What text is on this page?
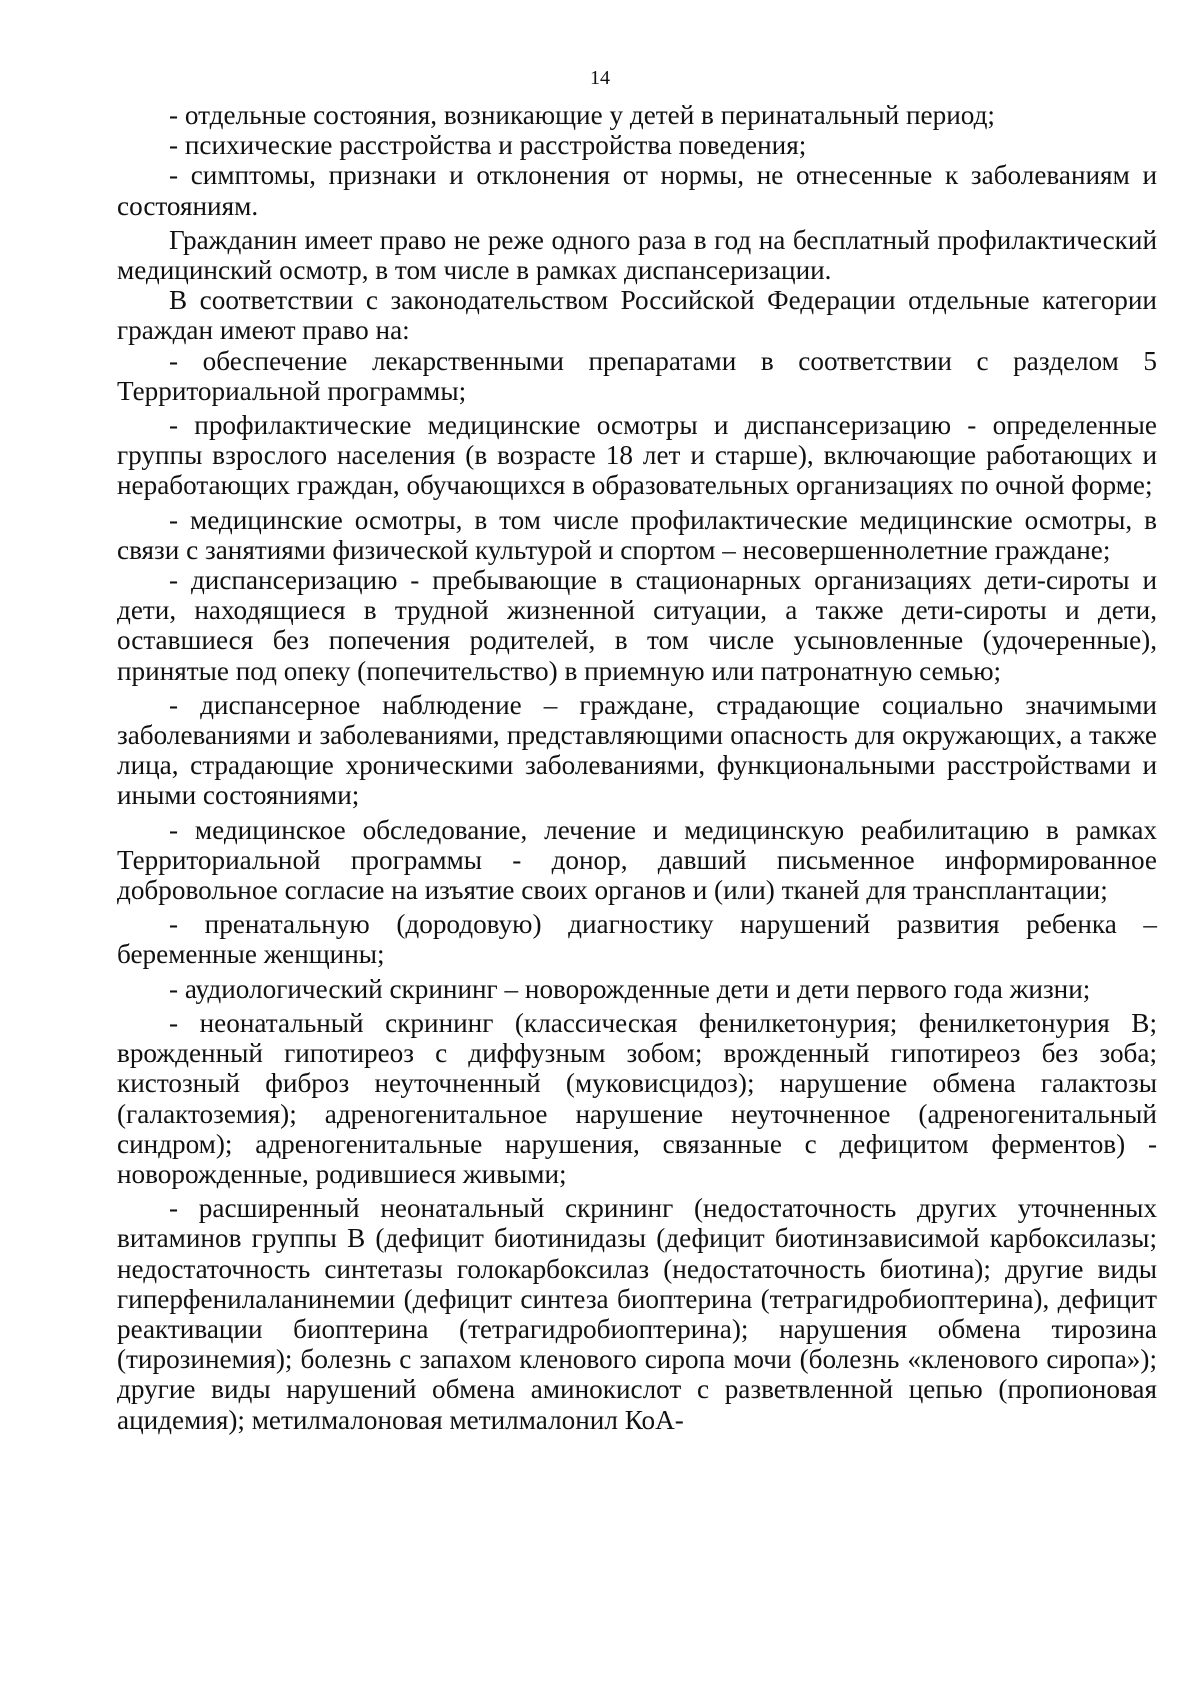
14

- отдельные состояния, возникающие у детей в перинатальный период;

- психические расстройства и расстройства поведения;

- симптомы, признаки и отклонения от нормы, не отнесенные к заболеваниям и состояниям.

Гражданин имеет право не реже одного раза в год на бесплатный профилактический медицинский осмотр, в том числе в рамках диспансеризации.

В соответствии с законодательством Российской Федерации отдельные категории граждан имеют право на:

- обеспечение лекарственными препаратами в соответствии с разделом 5 Территориальной программы;

- профилактические медицинские осмотры и диспансеризацию - определенные группы взрослого населения (в возрасте 18 лет и старше), включающие работающих и неработающих граждан, обучающихся в образовательных организациях по очной форме;

- медицинские осмотры, в том числе профилактические медицинские осмотры, в связи с занятиями физической культурой и спортом – несовершеннолетние граждане;

- диспансеризацию - пребывающие в стационарных организациях дети-сироты и дети, находящиеся в трудной жизненной ситуации, а также дети-сироты и дети, оставшиеся без попечения родителей, в том числе усыновленные (удочеренные), принятые под опеку (попечительство) в приемную или патронатную семью;

- диспансерное наблюдение – граждане, страдающие социально значимыми заболеваниями и заболеваниями, представляющими опасность для окружающих, а также лица, страдающие хроническими заболеваниями, функциональными расстройствами и иными состояниями;

- медицинское обследование, лечение и медицинскую реабилитацию в рамках Территориальной программы - донор, давший письменное информированное добровольное согласие на изъятие своих органов и (или) тканей для трансплантации;

- пренатальную (дородовую) диагностику нарушений развития ребенка – беременные женщины;

- аудиологический скрининг – новорожденные дети и дети первого года жизни;

- неонатальный скрининг (классическая фенилкетонурия; фенилкетонурия B; врожденный гипотиреоз с диффузным зобом; врожденный гипотиреоз без зоба; кистозный фиброз неуточненный (муковисцидоз); нарушение обмена галактозы (галактоземия); адреногенитальное нарушение неуточненное (адреногенитальный синдром); адреногенитальные нарушения, связанные с дефицитом ферментов) - новорожденные, родившиеся живыми;

- расширенный неонатальный скрининг (недостаточность других уточненных витаминов группы B (дефицит биотинидазы (дефицит биотинзависимой карбоксилазы; недостаточность синтетазы голокарбоксилаз (недостаточность биотина); другие виды гиперфенилаланинемии (дефицит синтеза биоптерина (тетрагидробиоптерина), дефицит реактивации биоптерина (тетрагидробиоптерина); нарушения обмена тирозина (тирозинемия); болезнь с запахом кленового сиропа мочи (болезнь «кленового сиропа»); другие виды нарушений обмена аминокислот с разветвленной цепью (пропионовая ацидемия); метилмалоновая метилмалонил КоА-
